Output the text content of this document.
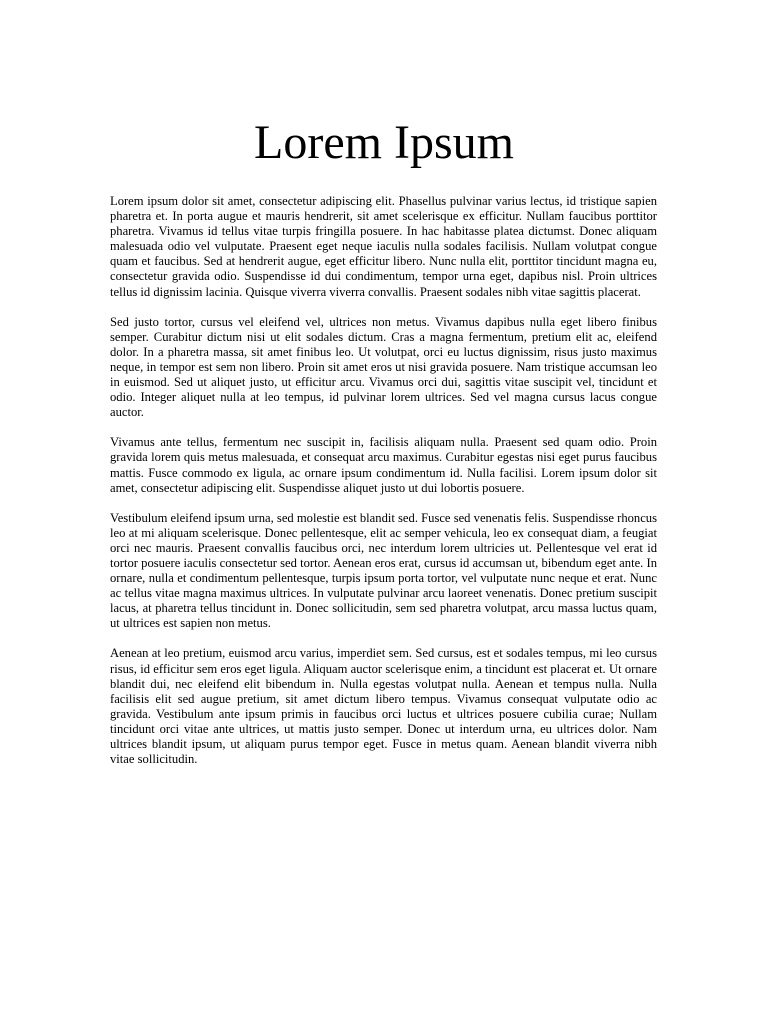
Lorem Ipsum

Lorem ipsum dolor sit amet, consectetur adipiscing elit. Phasellus pulvinar varius lectus, id tristique sapien pharetra et. In porta augue et mauris hendrerit, sit amet scelerisque ex efficitur. Nullam faucibus porttitor pharetra. Vivamus id tellus vitae turpis fringilla posuere. In hac habitasse platea dictumst. Donec aliquam malesuada odio vel vulputate. Praesent eget neque iaculis nulla sodales facilisis. Nullam volutpat congue quam et faucibus. Sed at hendrerit augue, eget efficitur libero. Nunc nulla elit, porttitor tincidunt magna eu, consectetur gravida odio. Suspendisse id dui condimentum, tempor urna eget, dapibus nisl. Proin ultrices tellus id dignissim lacinia. Quisque viverra viverra convallis. Praesent sodales nibh vitae sagittis placerat.

Sed justo tortor, cursus vel eleifend vel, ultrices non metus. Vivamus dapibus nulla eget libero finibus semper. Curabitur dictum nisi ut elit sodales dictum. Cras a magna fermentum, pretium elit ac, eleifend dolor. In a pharetra massa, sit amet finibus leo. Ut volutpat, orci eu luctus dignissim, risus justo maximus neque, in tempor est sem non libero. Proin sit amet eros ut nisi gravida posuere. Nam tristique accumsan leo in euismod. Sed ut aliquet justo, ut efficitur arcu. Vivamus orci dui, sagittis vitae suscipit vel, tincidunt et odio. Integer aliquet nulla at leo tempus, id pulvinar lorem ultrices. Sed vel magna cursus lacus congue auctor.

Vivamus ante tellus, fermentum nec suscipit in, facilisis aliquam nulla. Praesent sed quam odio. Proin gravida lorem quis metus malesuada, et consequat arcu maximus. Curabitur egestas nisi eget purus faucibus mattis. Fusce commodo ex ligula, ac ornare ipsum condimentum id. Nulla facilisi. Lorem ipsum dolor sit amet, consectetur adipiscing elit. Suspendisse aliquet justo ut dui lobortis posuere.

Vestibulum eleifend ipsum urna, sed molestie est blandit sed. Fusce sed venenatis felis. Suspendisse rhoncus leo at mi aliquam scelerisque. Donec pellentesque, elit ac semper vehicula, leo ex consequat diam, a feugiat orci nec mauris. Praesent convallis faucibus orci, nec interdum lorem ultricies ut. Pellentesque vel erat id tortor posuere iaculis consectetur sed tortor. Aenean eros erat, cursus id accumsan ut, bibendum eget ante. In ornare, nulla et condimentum pellentesque, turpis ipsum porta tortor, vel vulputate nunc neque et erat. Nunc ac tellus vitae magna maximus ultrices. In vulputate pulvinar arcu laoreet venenatis. Donec pretium suscipit lacus, at pharetra tellus tincidunt in. Donec sollicitudin, sem sed pharetra volutpat, arcu massa luctus quam, ut ultrices est sapien non metus.

Aenean at leo pretium, euismod arcu varius, imperdiet sem. Sed cursus, est et sodales tempus, mi leo cursus risus, id efficitur sem eros eget ligula. Aliquam auctor scelerisque enim, a tincidunt est placerat et. Ut ornare blandit dui, nec eleifend elit bibendum in. Nulla egestas volutpat nulla. Aenean et tempus nulla. Nulla facilisis elit sed augue pretium, sit amet dictum libero tempus. Vivamus consequat vulputate odio ac gravida. Vestibulum ante ipsum primis in faucibus orci luctus et ultrices posuere cubilia curae; Nullam tincidunt orci vitae ante ultrices, ut mattis justo semper. Donec ut interdum urna, eu ultrices dolor. Nam ultrices blandit ipsum, ut aliquam purus tempor eget. Fusce in metus quam. Aenean blandit viverra nibh vitae sollicitudin.
